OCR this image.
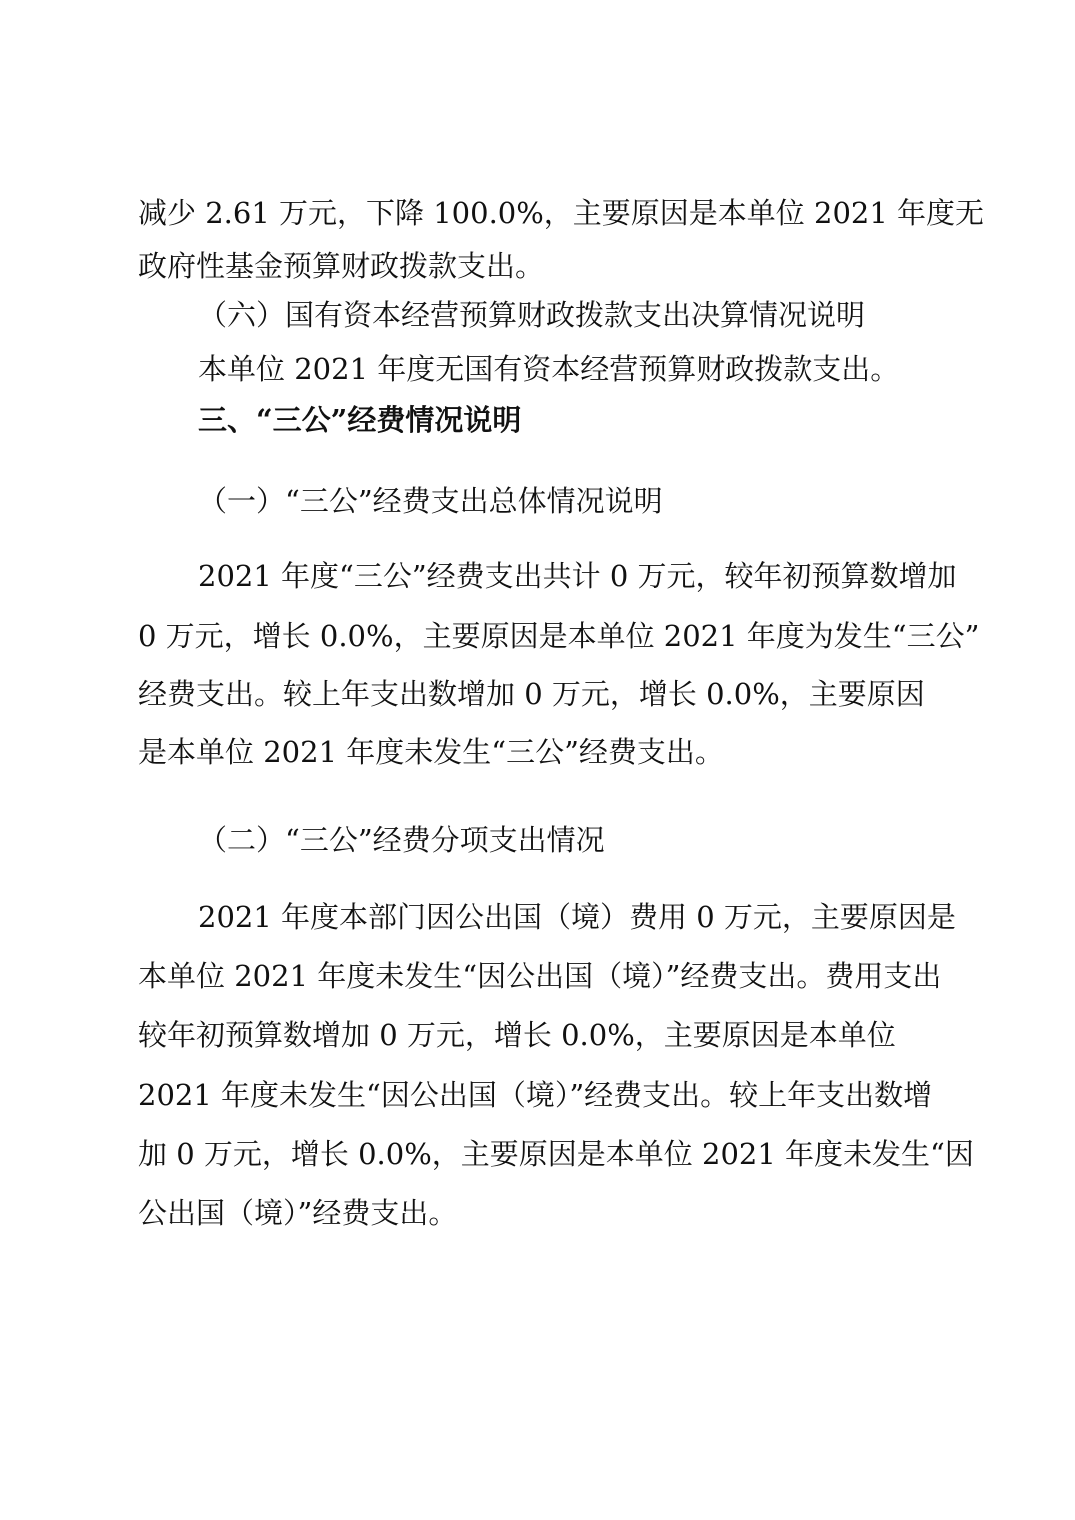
减少 2.61 万元，下降 100.0%，主要原因是本单位 2021 年度无

政府性基金预算财政拨款支出。

（六）国有资本经营预算财政拨款支出决算情况说明

本单位 2021 年度无国有资本经营预算财政拨款支出。

三、“三公”经费情况说明

（一）“三公”经费支出总体情况说明

2021 年度“三公”经费支出共计 0 万元，较年初预算数增加

0 万元，增长 0.0%，主要原因是本单位 2021 年度为发生“三公”

经费支出。较上年支出数增加 0 万元，增长 0.0%，主要原因

是本单位 2021 年度未发生“三公”经费支出。

（二）“三公”经费分项支出情况

2021 年度本部门因公出国（境）费用 0 万元，主要原因是

本单位 2021 年度未发生“因公出国（境）”经费支出。费用支出

较年初预算数增加 0 万元，增长 0.0%，主要原因是本单位

2021 年度未发生“因公出国（境）”经费支出。较上年支出数增

加 0 万元，增长 0.0%，主要原因是本单位 2021 年度未发生“因

公出国（境）”经费支出。
